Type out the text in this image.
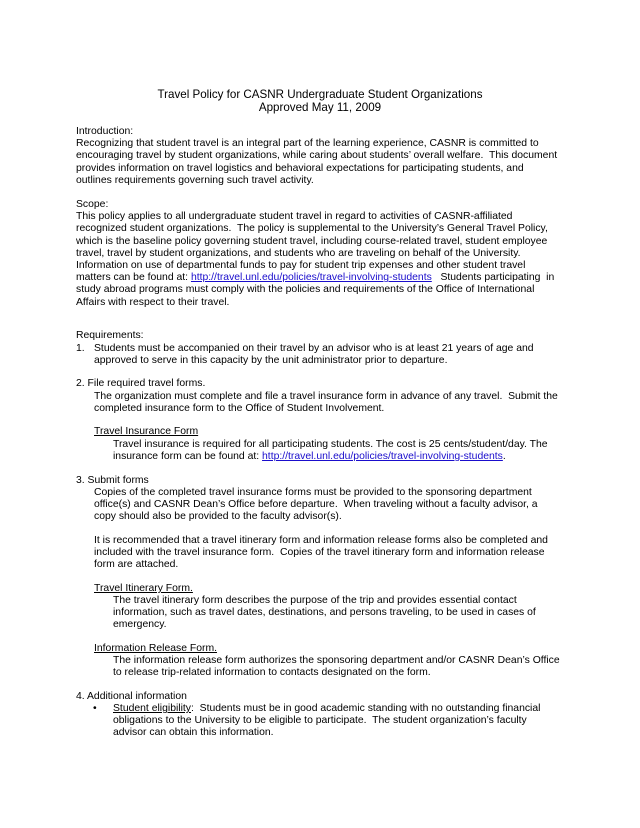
Travel Policy for CASNR Undergraduate Student Organizations
Approved May 11, 2009
Introduction:
Recognizing that student travel is an integral part of the learning experience, CASNR is committed to
encouraging travel by student organizations, while caring about students’ overall welfare.  This document
provides information on travel logistics and behavioral expectations for participating students, and
outlines requirements governing such travel activity.
Scope:
This policy applies to all undergraduate student travel in regard to activities of CASNR-affiliated
recognized student organizations.  The policy is supplemental to the University’s General Travel Policy,
which is the baseline policy governing student travel, including course-related travel, student employee
travel, travel by student organizations, and students who are traveling on behalf of the University.
Information on use of departmental funds to pay for student trip expenses and other student travel
matters can be found at: http://travel.unl.edu/policies/travel-involving-students   Students participating  in
study abroad programs must comply with the policies and requirements of the Office of International
Affairs with respect to their travel.
Requirements:
1. Students must be accompanied on their travel by an advisor who is at least 21 years of age and
approved to serve in this capacity by the unit administrator prior to departure.
2. File required travel forms.
The organization must complete and file a travel insurance form in advance of any travel.  Submit the
completed insurance form to the Office of Student Involvement.
Travel Insurance Form
Travel insurance is required for all participating students. The cost is 25 cents/student/day. The
insurance form can be found at: http://travel.unl.edu/policies/travel-involving-students.
3. Submit forms
Copies of the completed travel insurance forms must be provided to the sponsoring department
office(s) and CASNR Dean’s Office before departure.  When traveling without a faculty advisor, a
copy should also be provided to the faculty advisor(s).
It is recommended that a travel itinerary form and information release forms also be completed and
included with the travel insurance form.  Copies of the travel itinerary form and information release
form are attached.
Travel Itinerary Form.
The travel itinerary form describes the purpose of the trip and provides essential contact
information, such as travel dates, destinations, and persons traveling, to be used in cases of
emergency.
Information Release Form.
The information release form authorizes the sponsoring department and/or CASNR Dean’s Office
to release trip-related information to contacts designated on the form.
4. Additional information
• Student eligibility:  Students must be in good academic standing with no outstanding financial
obligations to the University to be eligible to participate.  The student organization’s faculty
advisor can obtain this information.
